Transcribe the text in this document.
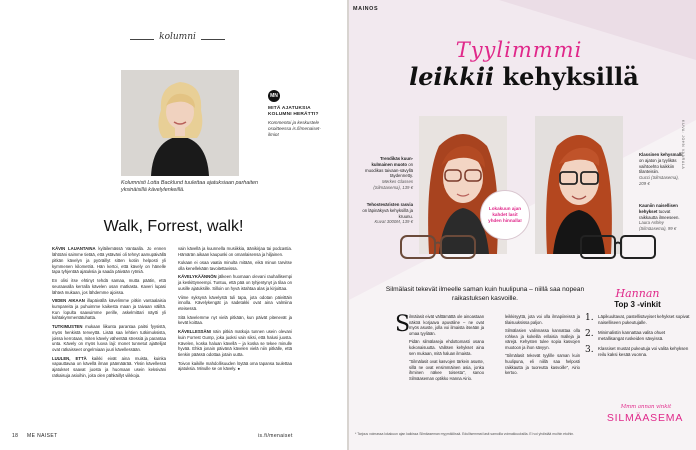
kolumni
Kolumnisti Lotta Backlund tuulettaa ajatuksiaan parhaiten yksinäisillä kävelylenkeillä.
MN
MITÄ AJATUKSIA KOLUMNI HERÄTTI?
Kommentoi ja keskustele osoitteessa is.fi/menaiset-ilmiot
Walk, Forrest, walk!

KÄVIN LAUANTAINA kyläilemässä Vantaalla. Jo ennen lähtöäni saimme tietää, että ystäväni oli tehnyt aamupäivällä pitkän kävelyn ja pyöräillyt sitten kotiin helposti yli kymmenen kilometriä. Hän kertoi, että kävely on hänelle tapa tyhjentää ajatuksia ja saada päivään rytmiä.

En olisi itse ehtinyt tehdä samaa, mutta päätin, että seuraavalla kerralla kävelen osan matkasta. Kaveri lupasi lähteä mukaan, jos lähdemme ajoissa.

VIIDEN AIKAAN illapäivällä kävelimme pitkin vantaalaisia kumpareita ja puhuimme kaikesta maan ja taivaan väliltä. Kun lopulta saavuimme perille, askelmittari näytti yli kahtakymmentätuhatta.

TUTKIMUSTEN mukaan liikunta parantaa paitsi fyysistä, myös henkistä terveyttä. Lisää saa lehtien tutkimuksista, joissa kerrotaan, miten kävely vähentää stressiä ja parantaa unta. Kävely on myös luova laji: monet tunnetut ajattelijat ovat ratkaisseet ongelmiaan juuri kävellessään.

LUULEN, ETTÄ kaikki eivät aina muista, kuinka vapauttavaa on kävellä ilman päämäärää. Yksin kävellessä ajatukset saavat juosta ja huomaan usein keksiväni ratkaisuja asioihin, joita olen pähkäillyt viikkoja.

vain kävellä ja kuunnella musiikkia, äänikirjaa tai podcastia. Hämärän aikaan kaupunki on omanlaisensa ja hiljainen.

Kukaan ei osaa vaatia minulta mitään, eikä minun tarvitse olla kenellekään tavoitettavissa.

KÄVELYKÄÄNNÖN jälkeen huomaan olevani rauhallisempi ja keskittyneempi. Tuntuu, että pää on tyhjentynyt ja tilaa on uusille ajatuksille. Silloin on hyvä istahtaa alas ja kirjoittaa.

Viime syksynä kävelystä tuli tapa, jota odotan päivittäin innolla. Kävelykengät ja sadetakki ovat aina valmiina eteisessä.

Sitä kävelemme nyt vielä pitkään, kun päivät pitenevät ja kevät koittaa.

KÄVELLESSÄNI näin pitkiä matkoja tunnen usein olevani kuin Forrest Gump, joka juoksi vain siksi, että halusi juosta. Kävelen, koska haluan kävellä – ja koska se tekee minulle hyvää. Ehkä jonain päivänä kävelen vielä niin pitkälle, että tienkin päässä odottaa jotain uutta.

Toivon kaikille mahdollisuuden löytää oma tapansa tuulettaa ajatuksia. Minulle se on kävely. ●

18 ME NAISET	is.fi/menaiset
MAINOS
Tyylimmmi
leikkii kehyksillä
Trendikäs kuun-kulmainen muoto on muodikas taivaan-sävyllä täydennetty.
Mørkes Glasses (Silmäasema), 139 €
Tehosteväristen rasvia on läpinäkyvä kehyksillä ja kruunu.
Kuvat 3000M, 139 €
Klassinen kehysmalli on ajaton ja tyylikäs vaihtoehto kaikkiin tilanteisiin.
Gucci (Silmäasema), 209 €
Kauniin naisellisen kehykset tuovat raikkautta ilmeeseen.
Laura Ashley (Silmäasema), 99 €
Lokakuun ajan kahdet lasit yhden hinnalla!
Silmälasit tekevät ilmeelle saman kuin huulipuna – niillä saa nopean raikastuksen kasvoille.
S

ilmälasit eivät välttämättä ole ainoastaan näköä korjaava apuväline – ne ovat myös asuste, jolla voi ilmaista itseään ja omaa tyyliään.

Pidän silmälaseja ehdottomasti osana kokonaisuutta. Valitsen kehykset aina sen mukaan, mitä haluan ilmaista.

"Silmälasit ovat kasvojen tärkein asuste, sillä ne ovat ensimmäinen asia, jonka ihminen näkee toisesta", sanoo Silmäaseman optikko Hanna Airio.

leikkisyyttä, jota voi olla ilmapiireissä ja tilaisuuksissa paljon.

Silmälasien valinnassa kannattaa olla rohkea ja kokeilla erilaisia malleja ja värejä. Kehysten tulee sopia kasvojen muotoon ja ihon sävyyn.

"Silmälasit tekevät tyylille saman kuin huulipuna, eli niillä saa helposti raikkautta ja tuoreutta kasvoille", Airio kertoo.

Hannan
Top 3 -vinkit
1. Läpikuultavat, pastellisävyiset kehykset sopivat naiselliseen pukeutujalle.
2. Minimalistin kannattaa valita ohuet metallisangat ruskeiden sävyissä.
3. Klassiset mustat pukeutuja voi valita kehyksen reilu kaksi kesää vuonna.
Mmm annan vinkit
SILMÄASEMA
* Tarjous voimassa lokakuun ajan kaikissa Silmäaseman myymälöissä. Edullisemmat lasit samoilla voimakkuuksilla. Ei voi yhdistää muihin etuihin.
KUVA: JOHN VAARALA
